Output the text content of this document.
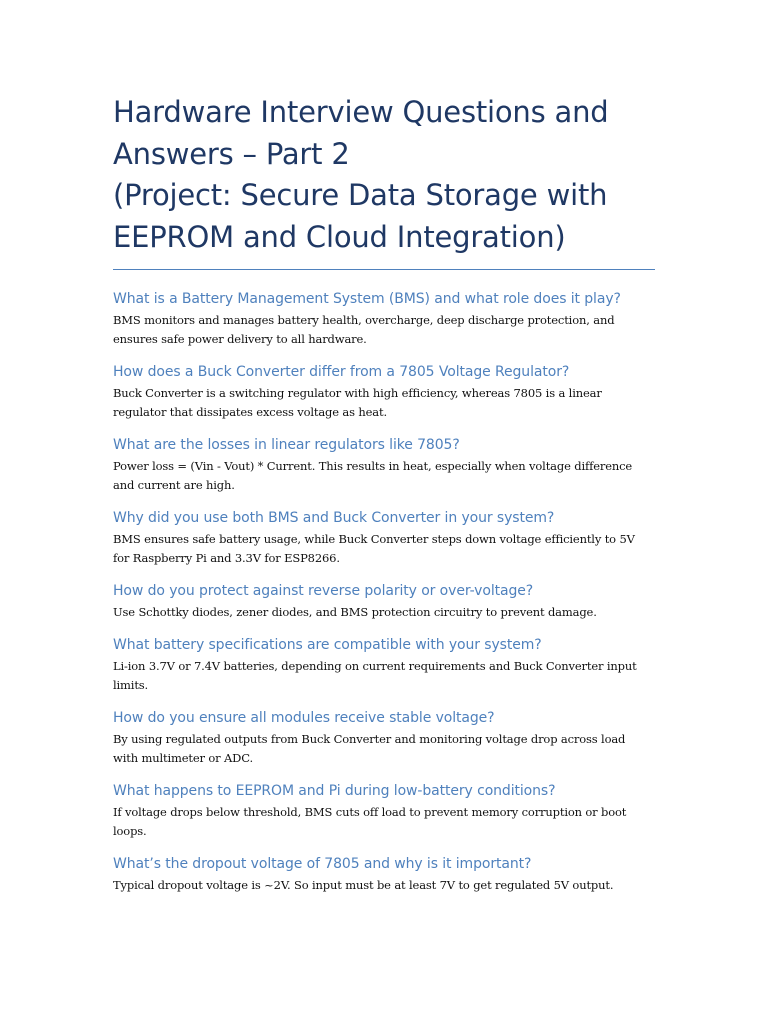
Hardware Interview Questions and
Answers – Part 2
(Project: Secure Data Storage with
EEPROM and Cloud Integration)
What is a Battery Management System (BMS) and what role does it play?

BMS monitors and manages battery health, overcharge, deep discharge protection, and
ensures safe power delivery to all hardware.

How does a Buck Converter differ from a 7805 Voltage Regulator?

Buck Converter is a switching regulator with high efficiency, whereas 7805 is a linear
regulator that dissipates excess voltage as heat.

What are the losses in linear regulators like 7805?

Power loss = (Vin - Vout) * Current. This results in heat, especially when voltage difference
and current are high.

Why did you use both BMS and Buck Converter in your system?

BMS ensures safe battery usage, while Buck Converter steps down voltage efficiently to 5V
for Raspberry Pi and 3.3V for ESP8266.

How do you protect against reverse polarity or over-voltage?

Use Schottky diodes, zener diodes, and BMS protection circuitry to prevent damage.

What battery specifications are compatible with your system?

Li-ion 3.7V or 7.4V batteries, depending on current requirements and Buck Converter input
limits.

How do you ensure all modules receive stable voltage?

By using regulated outputs from Buck Converter and monitoring voltage drop across load
with multimeter or ADC.

What happens to EEPROM and Pi during low-battery conditions?

If voltage drops below threshold, BMS cuts off load to prevent memory corruption or boot
loops.

What’s the dropout voltage of 7805 and why is it important?

Typical dropout voltage is ~2V. So input must be at least 7V to get regulated 5V output.
